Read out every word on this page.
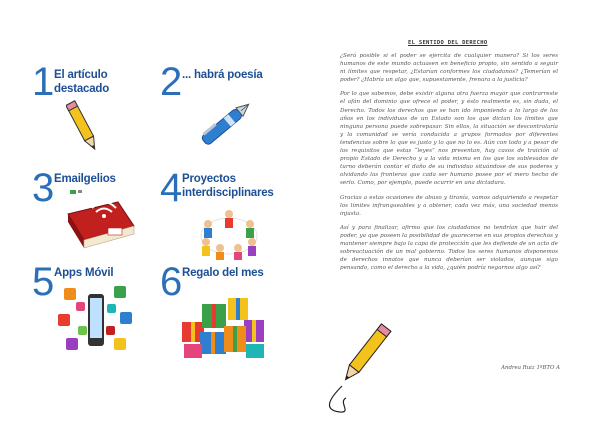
1 El artículo
destacado	2 ... habrá poesía
3 Emailgelios	4 Proyectos
interdisciplinares
5 Apps Móvil	6 Regalo del mes
EL SENTIDO DEL DERECHO

¿Será posible si el poder se ejercita de cualquier manera? Si los seres humanos de este mundo actuasen en beneficio propio, sin sentido a seguir ni límites que respetar, ¿Estarían conformes los ciudadanos? ¿Temerían el poder? ¿Habría un algo que, supuestamente, frenara a la justicia?

Por lo que sabemos, debe existir alguna otra fuerza mayor que contrarreste el afán del dominio que ofrece el poder, y ésto realmente es, sin duda, el Derecho. Todos los derechos que se han ido imponiendo a lo largo de los años en los individuos de un Estado son los que dictan los límites que ninguna persona puede sobrepasar. Sin ellos, la situación se descontrolaría y la comunidad se vería conducida a grupos formados por diferentes tendencias sobre lo que es justo y lo que no lo es. Aún con todo y a pesar de los requisitos que estas “leyes” nos presentan, hay casos de traición al propio Estado de Derecho y a la vida misma en los que los sublevados de turno deberán contar el daño de su individuo situándose de sus poderes y olvidando las fronteras que cada ser humano posee por el mero hecho de serlo. Como, por ejemplo, puede ocurrir en una dictadura.

Gracias a estas ocasiones de abuso y tiranía, vamos adquiriendo a respetar los límites infranqueables y a obtener, cada vez más, una sociedad menos injusta.

Así y para finalizar, afirmo que los ciudadanos no tendrían que huir del poder, ya que poseen la posibilidad de guarecerse en sus propios derechos y mantener siempre bajo la capa de protección que les defiende de un acto de sobreactuación de un mal gobierno. Todos los seres humanos disponemos de derechos innatos que nunca deberían ser violados, aunque sigo pensando, como el derecho a la vida, ¿quién podría negarnos algo así?

Andrea Ruiz 1ºBTO A
